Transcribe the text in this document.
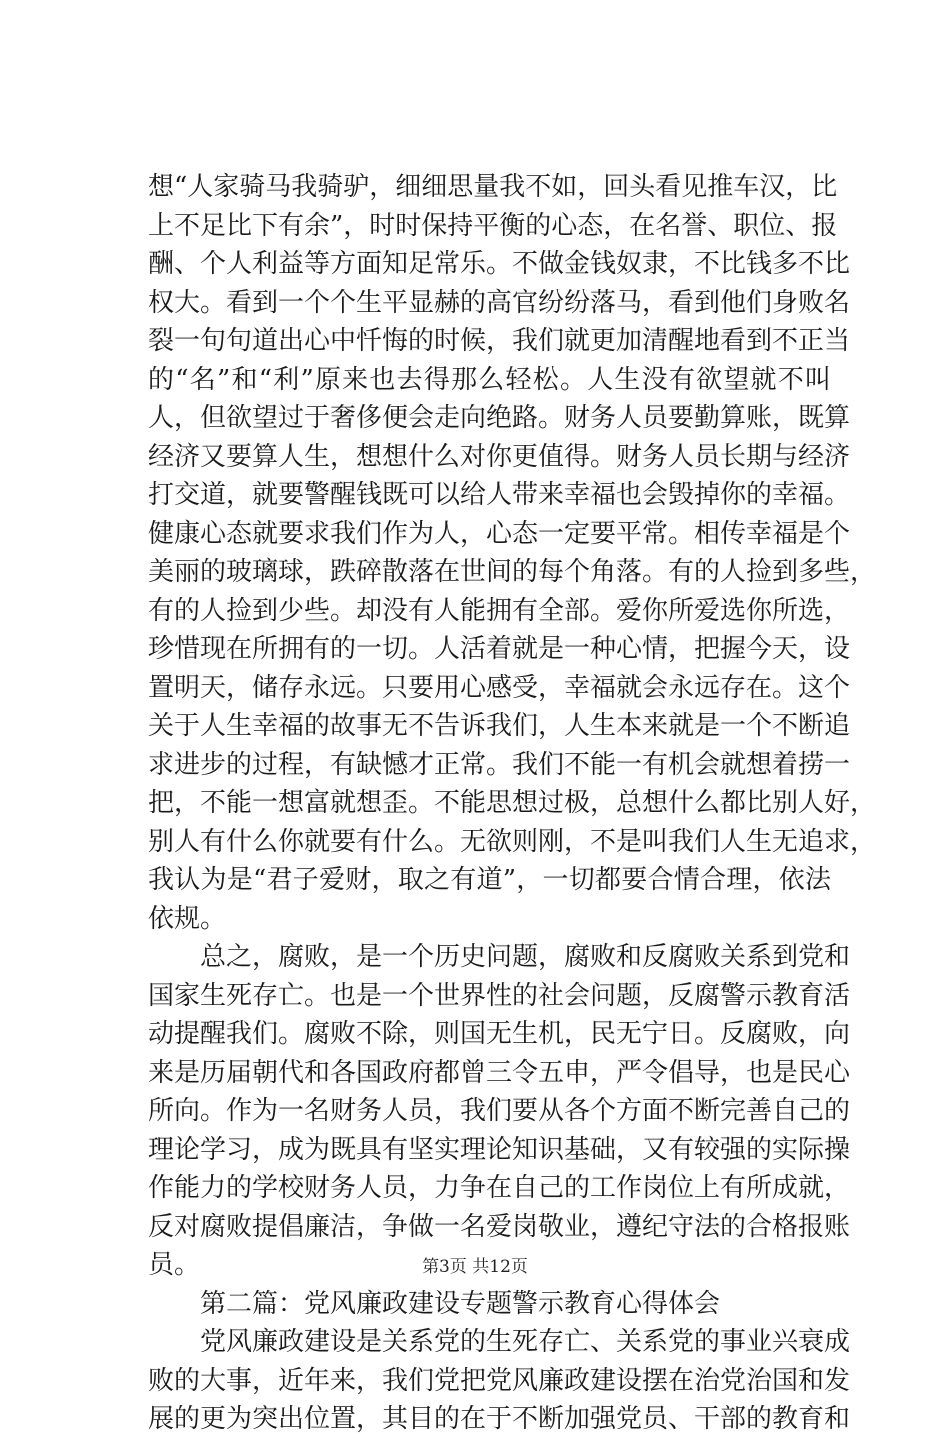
想“人家骑马我骑驴，细细思量我不如，回头看见推车汉，比
上不足比下有余”，时时保持平衡的心态，在名誉、职位、报
酬、个人利益等方面知足常乐。不做金钱奴隶，不比钱多不比
权大。看到一个个生平显赫的高官纷纷落马，看到他们身败名
裂一句句道出心中忏悔的时候，我们就更加清醒地看到不正当
的“名”和“利”原来也去得那么轻松。人生没有欲望就不叫
人，但欲望过于奢侈便会走向绝路。财务人员要勤算账，既算
经济又要算人生，想想什么对你更值得。财务人员长期与经济
打交道，就要警醒钱既可以给人带来幸福也会毁掉你的幸福。
健康心态就要求我们作为人，心态一定要平常。相传幸福是个
美丽的玻璃球，跌碎散落在世间的每个角落。有的人捡到多些，
有的人捡到少些。却没有人能拥有全部。爱你所爱选你所选，
珍惜现在所拥有的一切。人活着就是一种心情，把握今天，设
置明天，储存永远。只要用心感受，幸福就会永远存在。这个
关于人生幸福的故事无不告诉我们，人生本来就是一个不断追
求进步的过程，有缺憾才正常。我们不能一有机会就想着捞一
把，不能一想富就想歪。不能思想过极，总想什么都比别人好，
别人有什么你就要有什么。无欲则刚，不是叫我们人生无追求，
我认为是“君子爱财，取之有道”，一切都要合情合理，依法
依规。
　　总之，腐败，是一个历史问题，腐败和反腐败关系到党和
国家生死存亡。也是一个世界性的社会问题，反腐警示教育活
动提醒我们。腐败不除，则国无生机，民无宁日。反腐败，向
来是历届朝代和各国政府都曾三令五申，严令倡导，也是民心
所向。作为一名财务人员，我们要从各个方面不断完善自己的
理论学习，成为既具有坚实理论知识基础，又有较强的实际操
作能力的学校财务人员，力争在自己的工作岗位上有所成就，
反对腐败提倡廉洁，争做一名爱岗敬业，遵纪守法的合格报账
员。
　　第二篇：党风廉政建设专题警示教育心得体会
　　党风廉政建设是关系党的生死存亡、关系党的事业兴衰成
败的大事，近年来，我们党把党风廉政建设摆在治党治国和发
展的更为突出位置，其目的在于不断加强党员、干部的教育和
第3页 共12页
